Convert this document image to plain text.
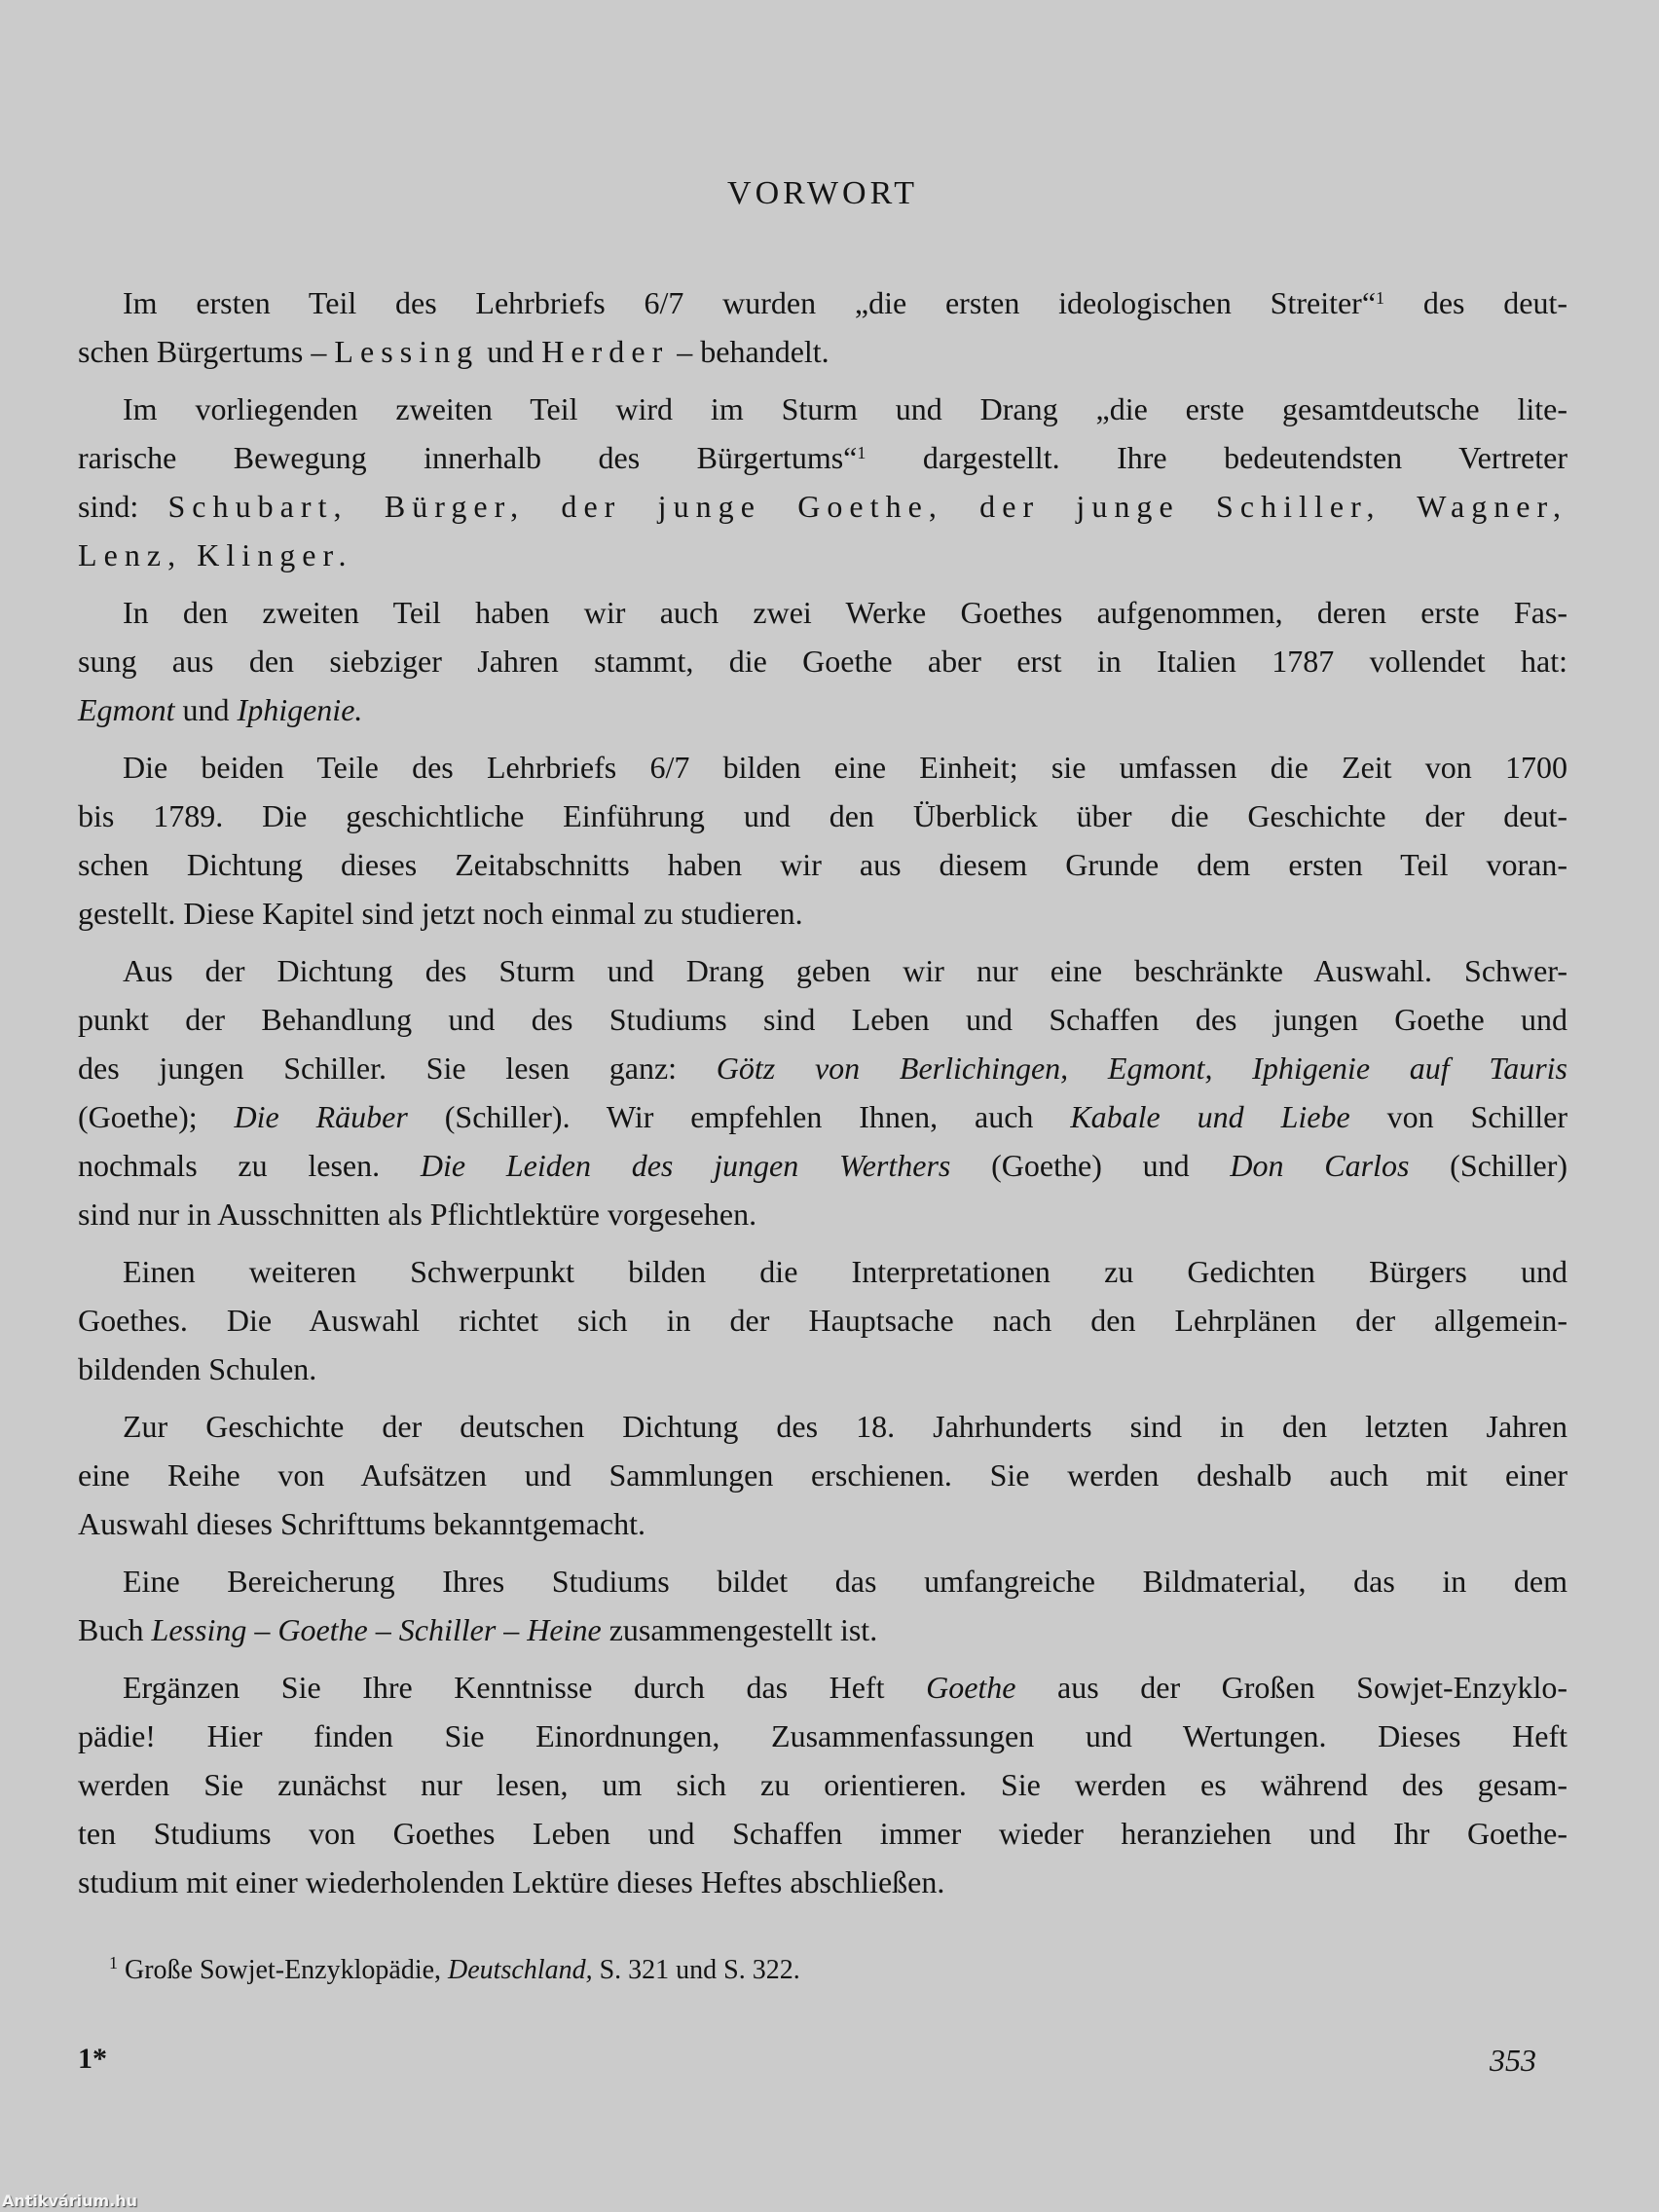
VORWORT
Im ersten Teil des Lehrbriefs 6/7 wurden „die ersten ideologischen Streiter“$^1$ des deut-
schen Bürgertums – Lessing und Herder – behandelt.
Im vorliegenden zweiten Teil wird im Sturm und Drang „die erste gesamtdeutsche lite-
rarische Bewegung innerhalb des Bürgertums“$^1$ dargestellt. Ihre bedeutendsten Vertreter
sind: Schubart, Bürger, der junge Goethe, der junge Schiller, Wagner,
Lenz, Klinger.
In den zweiten Teil haben wir auch zwei Werke Goethes aufgenommen, deren erste Fas-
sung aus den siebziger Jahren stammt, die Goethe aber erst in Italien 1787 vollendet hat:
Egmont und Iphigenie.
Die beiden Teile des Lehrbriefs 6/7 bilden eine Einheit; sie umfassen die Zeit von 1700
bis 1789. Die geschichtliche Einführung und den Überblick über die Geschichte der deut-
schen Dichtung dieses Zeitabschnitts haben wir aus diesem Grunde dem ersten Teil voran-
gestellt. Diese Kapitel sind jetzt noch einmal zu studieren.
Aus der Dichtung des Sturm und Drang geben wir nur eine beschränkte Auswahl. Schwer-
punkt der Behandlung und des Studiums sind Leben und Schaffen des jungen Goethe und
des jungen Schiller. Sie lesen ganz: Götz von Berlichingen, Egmont, Iphigenie auf Tauris
(Goethe); Die Räuber (Schiller). Wir empfehlen Ihnen, auch Kabale und Liebe von Schiller
nochmals zu lesen. Die Leiden des jungen Werthers (Goethe) und Don Carlos (Schiller)
sind nur in Ausschnitten als Pflichtlektüre vorgesehen.
Einen weiteren Schwerpunkt bilden die Interpretationen zu Gedichten Bürgers und
Goethes. Die Auswahl richtet sich in der Hauptsache nach den Lehrplänen der allgemein-
bildenden Schulen.
Zur Geschichte der deutschen Dichtung des 18. Jahrhunderts sind in den letzten Jahren
eine Reihe von Aufsätzen und Sammlungen erschienen. Sie werden deshalb auch mit einer
Auswahl dieses Schrifttums bekanntgemacht.
Eine Bereicherung Ihres Studiums bildet das umfangreiche Bildmaterial, das in dem
Buch Lessing – Goethe – Schiller – Heine zusammengestellt ist.
Ergänzen Sie Ihre Kenntnisse durch das Heft Goethe aus der Großen Sowjet-Enzyklo-
pädie! Hier finden Sie Einordnungen, Zusammenfassungen und Wertungen. Dieses Heft
werden Sie zunächst nur lesen, um sich zu orientieren. Sie werden es während des gesam-
ten Studiums von Goethes Leben und Schaffen immer wieder heranziehen und Ihr Goethe-
studium mit einer wiederholenden Lektüre dieses Heftes abschließen.
$^1$ Große Sowjet-Enzyklopädie, Deutschland, S. 321 und S. 322.
1*	353
Antikvárium.hu
